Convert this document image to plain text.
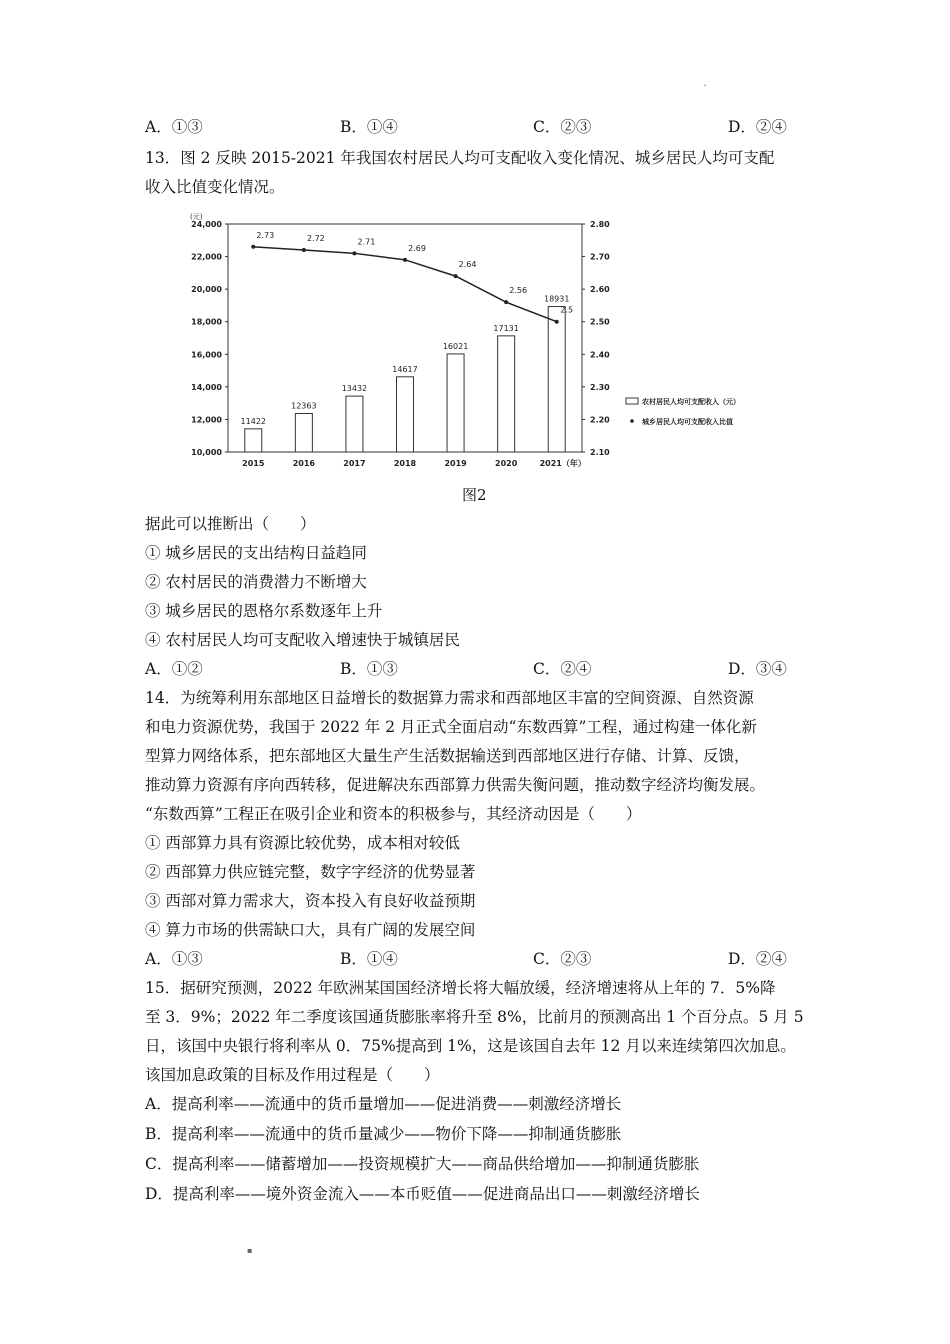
ˇ
A．①③	B．①④	C．②③	D．②④
13．图 2 反映 2015-2021 年我国农村居民人均可支配收入变化情况、城乡居民人均可支配
收入比值变化情况。
(元)
10,000
12,000
14,000
16,000
18,000
20,000
22,000
24,000
2.10
2.20
2.30
2.40
2.50
2.60
2.70
2.80
11422
12363
13432
14617
16021
17131
18931
2015	2016	2017	2018	2019	2020	2021（年）
2.73	2.72	2.71
2.69
2.64
2.56
2.5
农村居民人均可支配收入（元）
城乡居民人均可支配收入比值
图2
据此可以推断出（　　）
① 城乡居民的支出结构日益趋同
② 农村居民的消费潜力不断增大
③ 城乡居民的恩格尔系数逐年上升
④ 农村居民人均可支配收入增速快于城镇居民
A．①②	B．①③	C．②④	D．③④
14．为统筹利用东部地区日益增长的数据算力需求和西部地区丰富的空间资源、自然资源
和电力资源优势，我国于 2022 年 2 月正式全面启动“东数西算”工程，通过构建一体化新
型算力网络体系，把东部地区大量生产生活数据输送到西部地区进行存储、计算、反馈，
推动算力资源有序向西转移，促进解决东西部算力供需失衡问题，推动数字经济均衡发展。
“东数西算”工程正在吸引企业和资本的积极参与，其经济动因是（　　）
① 西部算力具有资源比较优势，成本相对较低
② 西部算力供应链完整，数字字经济的优势显著
③ 西部对算力需求大，资本投入有良好收益预期
④ 算力市场的供需缺口大，具有广阔的发展空间
A．①③	B．①④	C．②③	D．②④
15．据研究预测，2022 年欧洲某国国经济增长将大幅放缓，经济增速将从上年的 7．5%降
至 3．9%；2022 年二季度该国通货膨胀率将升至 8%，比前月的预测高出 1 个百分点。5 月 5
日，该国中央银行将利率从 0．75%提高到 1%，这是该国自去年 12 月以来连续第四次加息。
该国加息政策的目标及作用过程是（　　）
A．提高利率——流通中的货币量增加——促进消费——刺激经济增长
B．提高利率——流通中的货币量减少——物价下降——抑制通货膨胀
C．提高利率——储蓄增加——投资规模扩大——商品供给增加——抑制通货膨胀
D．提高利率——境外资金流入——本币贬值——促进商品出口——刺激经济增长
▪
